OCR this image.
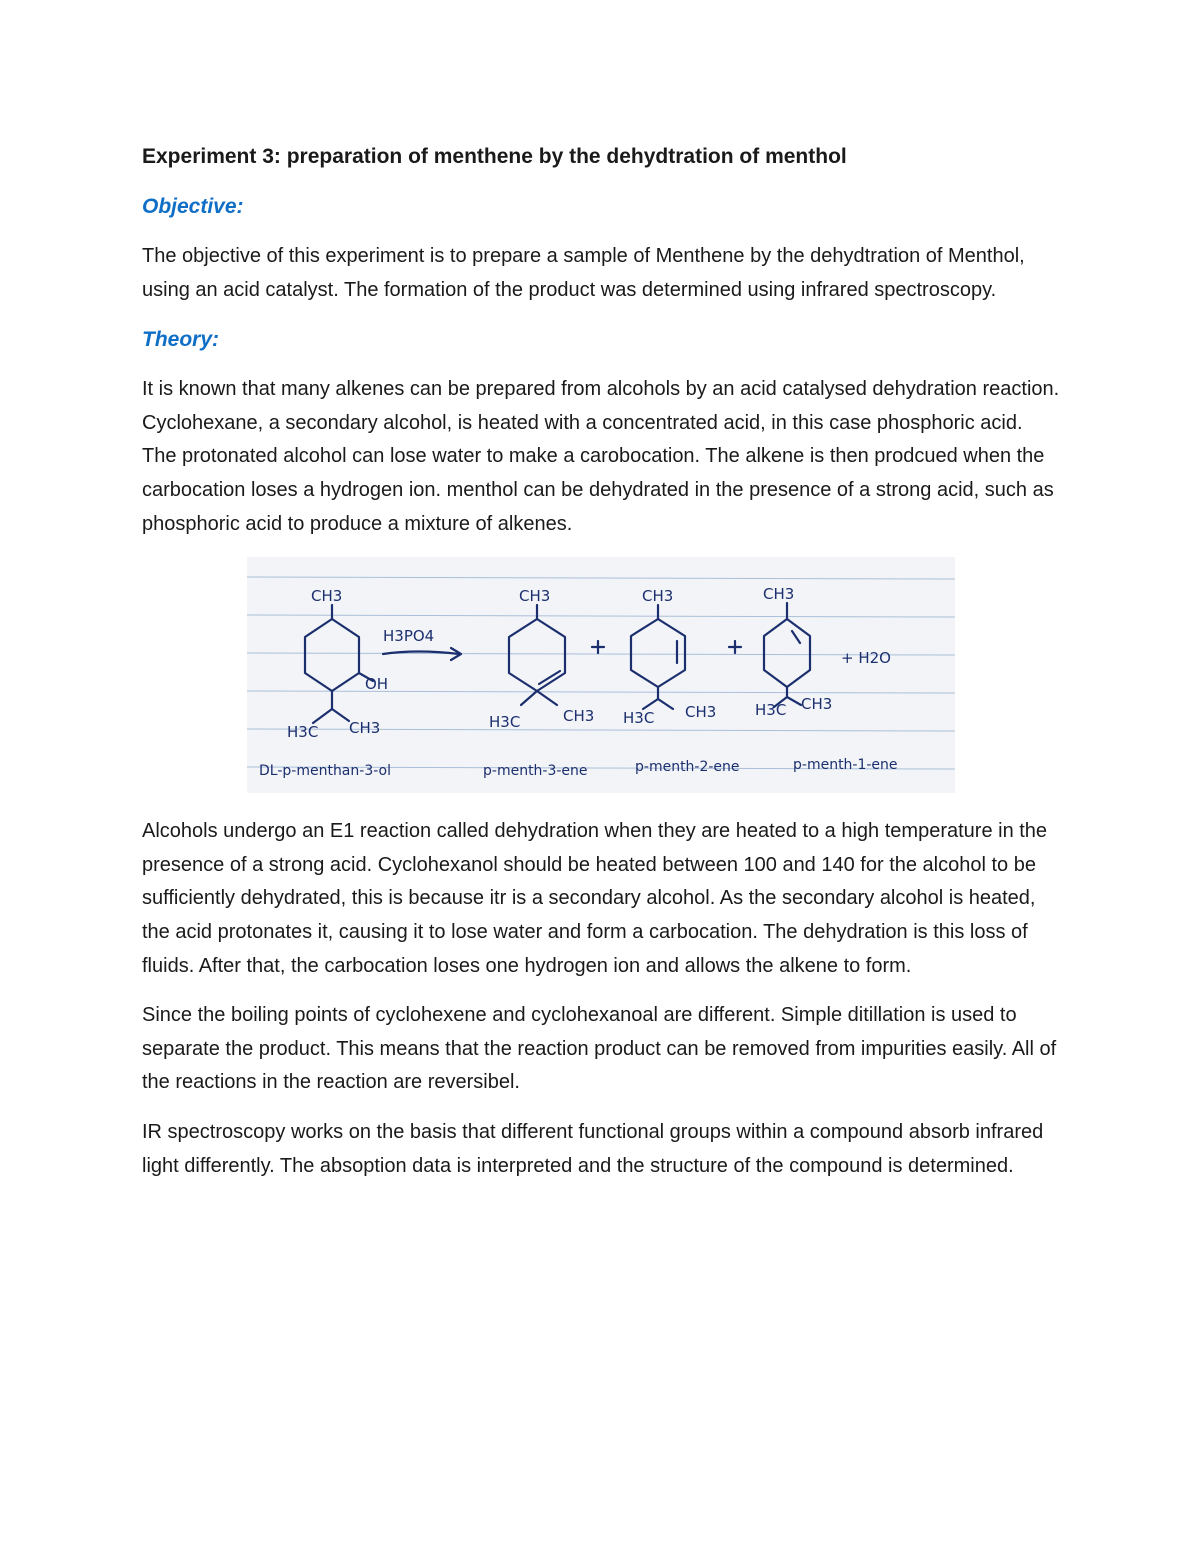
Experiment 3: preparation of menthene by the dehydtration of menthol
Objective:

The objective of this experiment is to prepare a sample of Menthene by the dehydtration of Menthol, using an acid catalyst. The formation of the product was determined using infrared spectroscopy.

Theory:

It is known that many alkenes can be prepared from alcohols by an acid catalysed dehydration reaction. Cyclohexane, a secondary alcohol, is heated with a concentrated acid, in this case phosphoric acid. The protonated alcohol can lose water to make a carobocation. The alkene is then prodcued when the carbocation loses a hydrogen ion. menthol can be dehydrated in the presence of a strong acid, such as phosphoric acid to produce a mixture of alkenes.

CH3
OH
H3C CH3
H3PO4
CH3
H3C	CH3
CH3
H3C CH3
CH3
H3C CH3
+ H2O
DL-p-menthan-3-ol	p-menth-3-ene	p-menth-2-ene	p-menth-1-ene

Alcohols undergo an E1 reaction called dehydration when they are heated to a high temperature in the presence of a strong acid. Cyclohexanol should be heated between 100 and 140 for the alcohol to be sufficiently dehydrated, this is because itr is a secondary alcohol. As the secondary alcohol is heated, the acid protonates it, causing it to lose water and form a carbocation. The dehydration is this loss of fluids. After that, the carbocation loses one hydrogen ion and allows the alkene to form.

Since the boiling points of cyclohexene and cyclohexanoal are different. Simple ditillation is used to separate the product. This means that the reaction product can be removed from impurities easily. All of the reactions in the reaction are reversibel.

IR spectroscopy works on the basis that different functional groups within a compound absorb infrared light differently. The absoption data is interpreted and the structure of the compound is determined.
